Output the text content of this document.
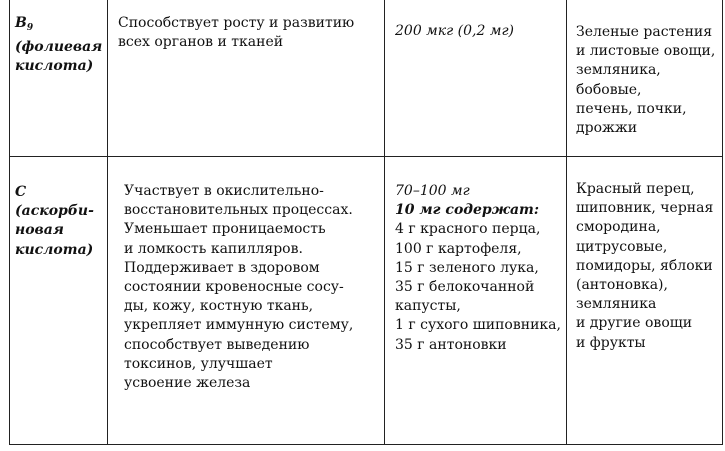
$B_9$
(фолиевая
кислота)
Способствует росту и развитию
всех органов и тканей
200 мкг (0,2 мг)	Зеленые растения
и листовые овощи,
земляника,
бобовые,
печень, почки,
дрожжи
С
(аскорби-
новая
кислота)
Участвует в окислительно-
восстановительных процессах.
Уменьшает проницаемость
и ломкость капилляров.
Поддерживает в здоровом
состоянии кровеносные сосу-
ды, кожу, костную ткань,
укрепляет иммунную систему,
способствует выведению
токсинов, улучшает
усвоение железа
70–100 мг
10 мг содержат:
4 г красного перца,
100 г картофеля,
15 г зеленого лука,
35 г белокочанной
капусты,
1 г сухого шиповника,
35 г антоновки
Красный перец,
шиповник, черная
смородина,
цитрусовые,
помидоры, яблоки
(антоновка),
земляника
и другие овощи
и фрукты
